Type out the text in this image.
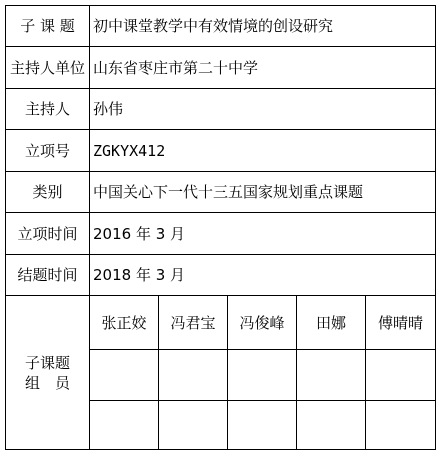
子 课 题	初中课堂教学中有效情境的创设研究				
主持人单位	山东省枣庄市第二十中学				
主持人	孙伟				
立项号	ZGKYX412				
类别	中国关心下一代十三五国家规划重点课题				
立项时间	2016 年 3 月				
结题时间	2018 年 3 月				

子课题
组　员	张正姣	冯君宝	冯俊峰	田娜	傅晴晴
